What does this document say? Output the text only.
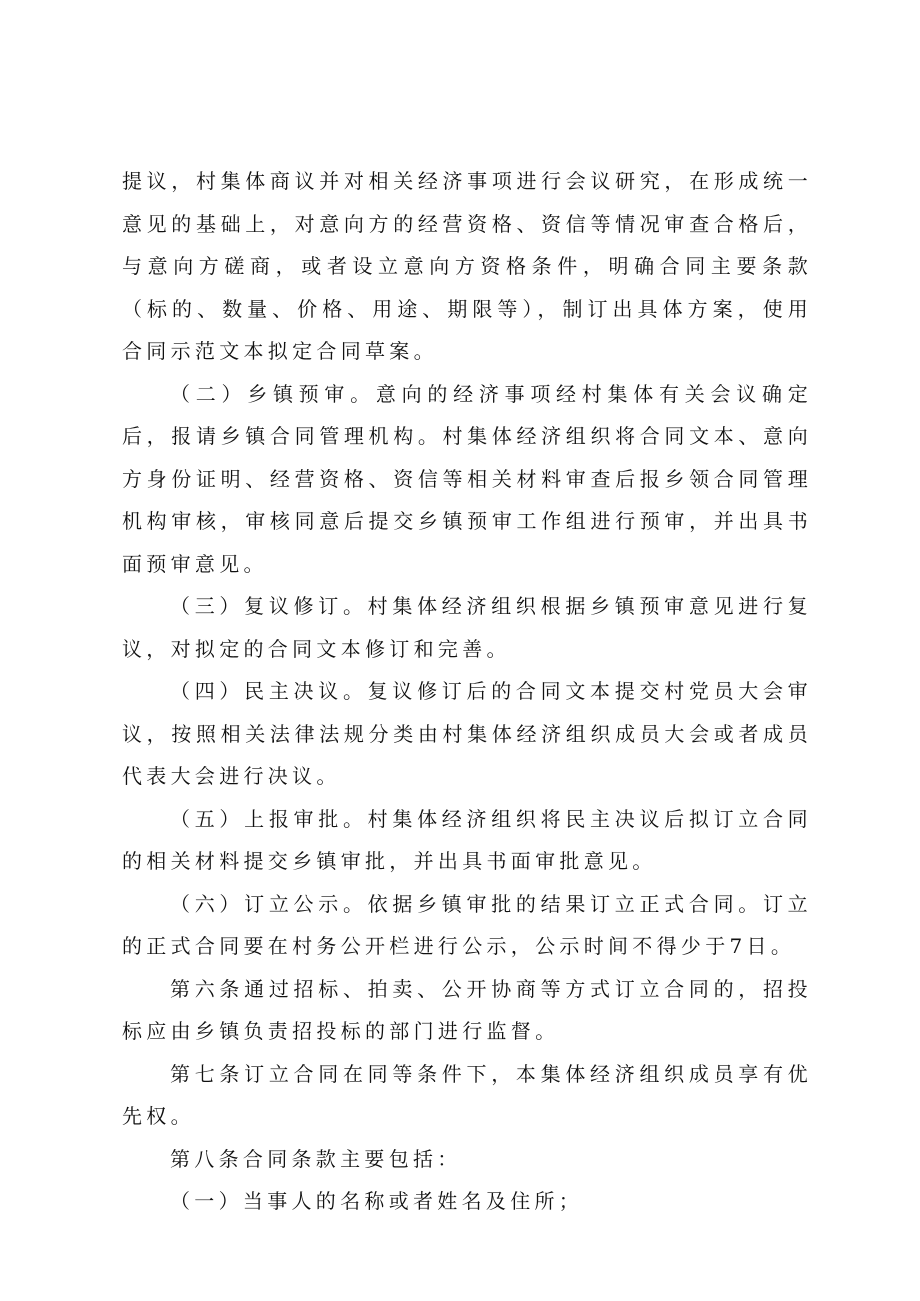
提议，村集体商议并对相关经济事项进行会议研究，在形成统一意见的基础上，对意向方的经营资格、资信等情况审查合格后，与意向方磋商，或者设立意向方资格条件，明确合同主要条款（标的、数量、价格、用途、期限等），制订出具体方案，使用合同示范文本拟定合同草案。

（二）乡镇预审。意向的经济事项经村集体有关会议确定后，报请乡镇合同管理机构。村集体经济组织将合同文本、意向方身份证明、经营资格、资信等相关材料审查后报乡领合同管理机构审核，审核同意后提交乡镇预审工作组进行预审，并出具书面预审意见。

（三）复议修订。村集体经济组织根据乡镇预审意见进行复议，对拟定的合同文本修订和完善。

（四）民主决议。复议修订后的合同文本提交村党员大会审议，按照相关法律法规分类由村集体经济组织成员大会或者成员代表大会进行决议。

（五）上报审批。村集体经济组织将民主决议后拟订立合同的相关材料提交乡镇审批，并出具书面审批意见。

（六）订立公示。依据乡镇审批的结果订立正式合同。订立的正式合同要在村务公开栏进行公示，公示时间不得少于7日。

第六条通过招标、拍卖、公开协商等方式订立合同的，招投标应由乡镇负责招投标的部门进行监督。

第七条订立合同在同等条件下，本集体经济组织成员享有优先权。

第八条合同条款主要包括：

（一）当事人的名称或者姓名及住所；
